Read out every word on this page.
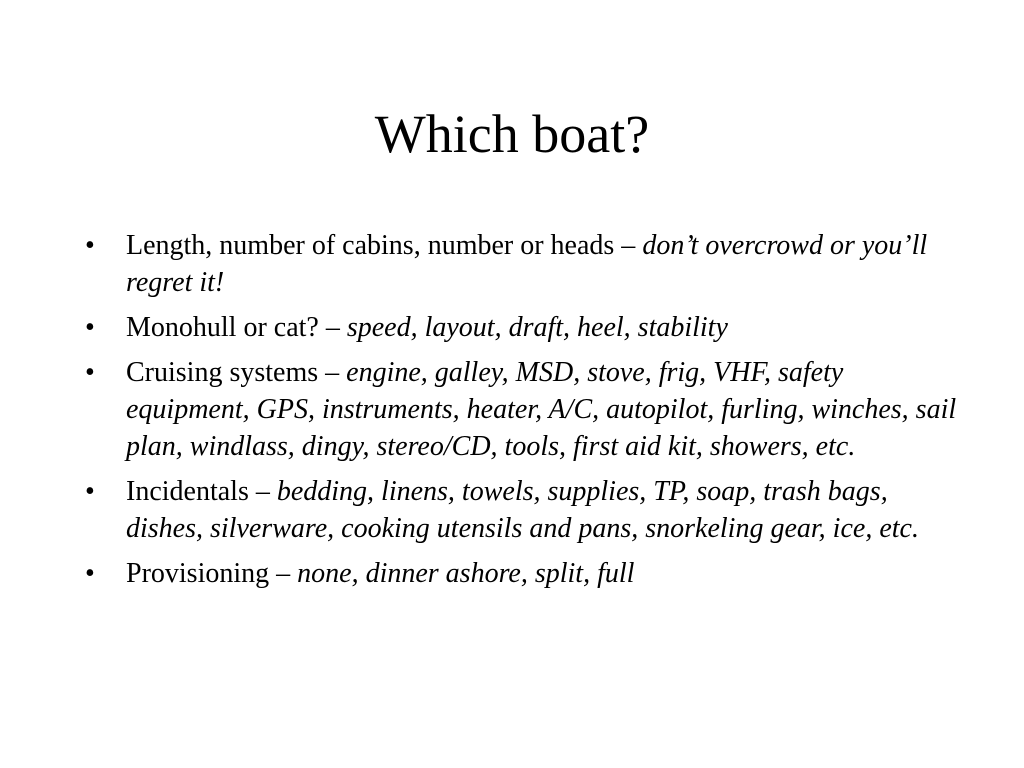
Which boat?
•	Length, number of cabins, number or heads – don’t overcrowd or you’ll regret it!
•	Monohull or cat? – speed, layout, draft, heel, stability
•	Cruising systems – engine, galley, MSD, stove, frig, VHF, safety equipment, GPS, instruments, heater, A/C, autopilot, furling, winches, sail plan, windlass, dingy, stereo/CD, tools, first aid kit, showers, etc.
•	Incidentals – bedding, linens, towels, supplies, TP, soap, trash bags, dishes, silverware, cooking utensils and pans, snorkeling gear, ice, etc.
•	Provisioning – none, dinner ashore, split, full
